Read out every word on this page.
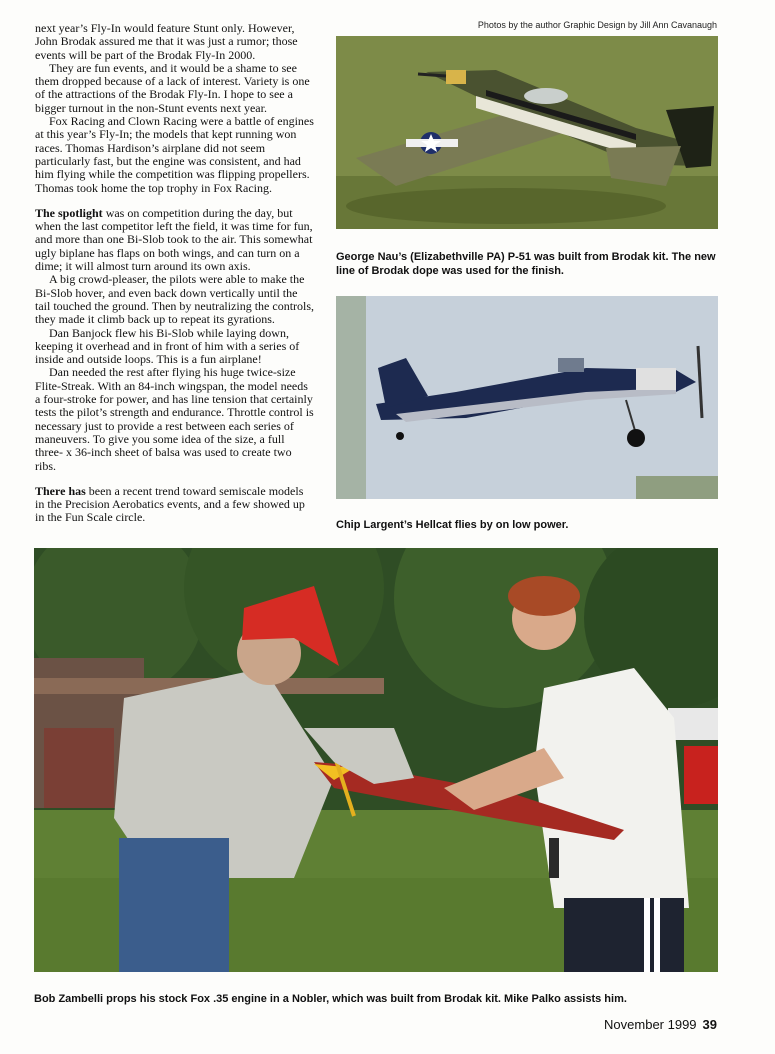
Photos by the author Graphic Design by Jill Ann Cavanaugh

next year’s Fly-In would feature Stunt only. However, John Brodak assured me that it was just a rumor; those events will be part of the Brodak Fly-In 2000.

They are fun events, and it would be a shame to see them dropped because of a lack of interest. Variety is one of the attractions of the Brodak Fly-In. I hope to see a bigger turnout in the non-Stunt events next year.

Fox Racing and Clown Racing were a battle of engines at this year’s Fly-In; the models that kept running won races. Thomas Hardison’s airplane did not seem particularly fast, but the engine was consistent, and had him flying while the competition was flipping propellers. Thomas took home the top trophy in Fox Racing.

The spotlight was on competition during the day, but when the last competitor left the field, it was time for fun, and more than one Bi-Slob took to the air. This somewhat ugly biplane has flaps on both wings, and can turn on a dime; it will almost turn around its own axis.

A big crowd-pleaser, the pilots were able to make the Bi-Slob hover, and even back down vertically until the tail touched the ground. Then by neutralizing the controls, they made it climb back up to repeat its gyrations.

Dan Banjock flew his Bi-Slob while laying down, keeping it overhead and in front of him with a series of inside and outside loops. This is a fun airplane!

Dan needed the rest after flying his huge twice-size Flite-Streak. With an 84-inch wingspan, the model needs a four-stroke for power, and has line tension that certainly tests the pilot’s strength and endurance. Throttle control is necessary just to provide a rest between each series of maneuvers. To give you some idea of the size, a full three- x 36-inch sheet of balsa was used to create two ribs.

There has been a recent trend toward semiscale models in the Precision Aerobatics events, and a few showed up in the Fun Scale circle.

George Nau’s (Elizabethville PA) P-51 was built from Brodak kit. The new line of Brodak dope was used for the finish.
Chip Largent’s Hellcat flies by on low power.
Bob Zambelli props his stock Fox .35 engine in a Nobler, which was built from Brodak kit. Mike Palko assists him.
November 1999 39
